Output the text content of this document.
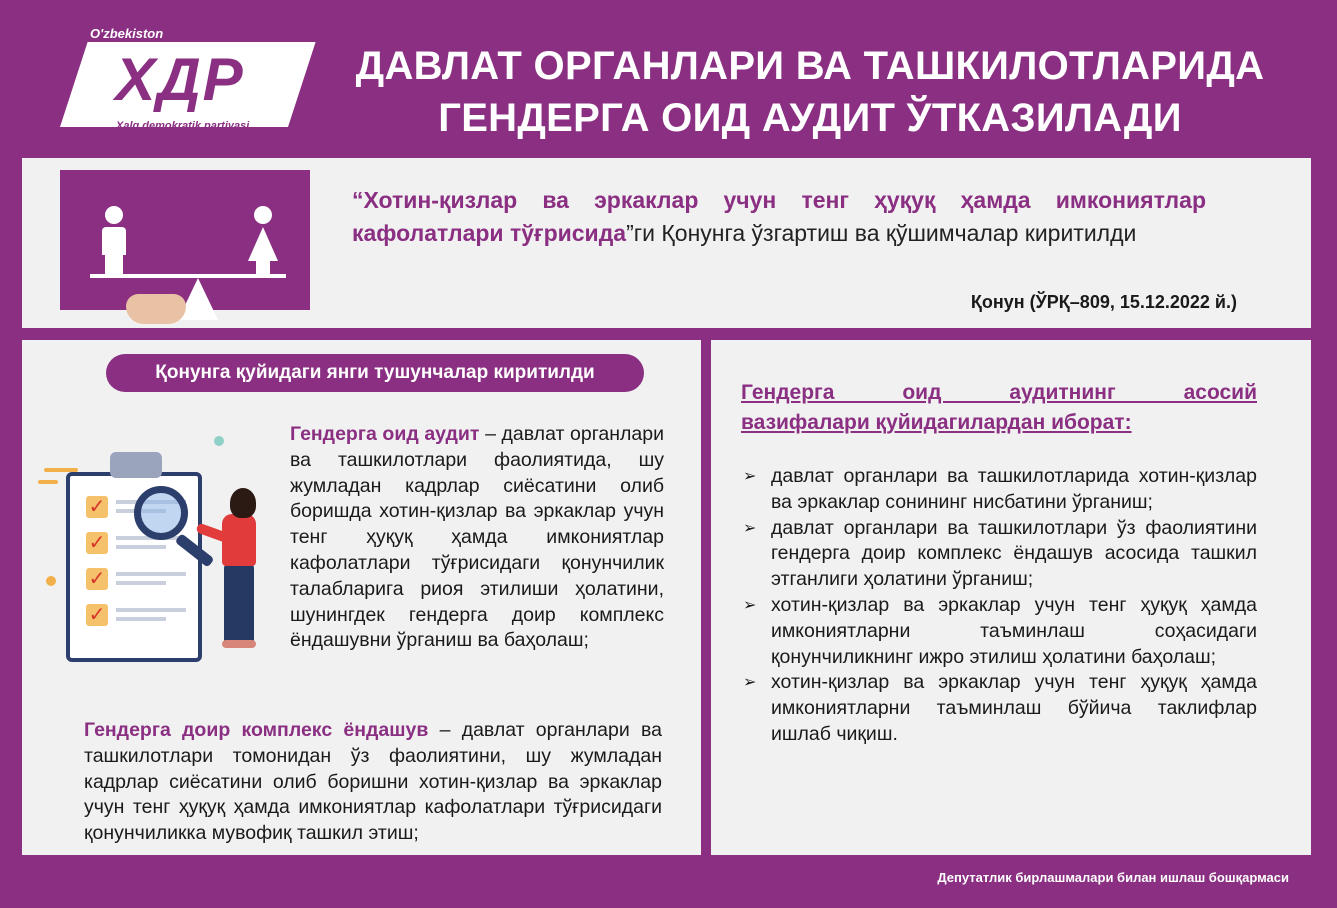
O'zbekiston
ХДР
Xalq demokratik partiyasi
ДАВЛАТ ОРГАНЛАРИ ВА ТАШКИЛОТЛАРИДА
ГЕНДЕРГА ОИД АУДИТ ЎТКАЗИЛАДИ
“Хотин-қизлар ва эркаклар учун тенг ҳуқуқ ҳамда имкониятлар кафолатлари тўғрисида”ги Қонунга ўзгартиш ва қўшимчалар киритилди
Қонун (ЎРҚ–809, 15.12.2022 й.)
Қонунга қуйидаги янги тушунчалар киритилди
✓
✓
✓
✓
Гендерга оид аудит – давлат органлари ва ташкилотлари фаолиятида, шу жумладан кадрлар сиёсатини олиб боришда хотин-қизлар ва эркаклар учун тенг ҳуқуқ ҳамда имкониятлар кафолатлари тўғрисидаги қонунчилик талабларига риоя этилиши ҳолатини, шунингдек гендерга доир комплекс ёндашувни ўрганиш ва баҳолаш;
Гендерга доир комплекс ёндашув – давлат органлари ва ташкилотлари томонидан ўз фаолиятини, шу жумладан кадрлар сиёсатини олиб боришни хотин-қизлар ва эркаклар учун тенг ҳуқуқ ҳамда имкониятлар кафолатлари тўғрисидаги қонунчиликка мувофиқ ташкил этиш;
Гендерга оид аудитнинг асосий
вазифалари қуйидагилардан иборат:
➢ давлат органлари ва ташкилотларида хотин-қизлар ва эркаклар сонининг нисбатини ўрганиш;
➢ давлат органлари ва ташкилотлари ўз фаолиятини гендерга доир комплекс ёндашув асосида ташкил этганлиги ҳолатини ўрганиш;
➢ хотин-қизлар ва эркаклар учун тенг ҳуқуқ ҳамда имкониятларни таъминлаш соҳасидаги қонунчиликнинг ижро этилиш ҳолатини баҳолаш;
➢ хотин-қизлар ва эркаклар учун тенг ҳуқуқ ҳамда имкониятларни таъминлаш бўйича таклифлар ишлаб чиқиш.
Депутатлик бирлашмалари билан ишлаш бошқармаси
